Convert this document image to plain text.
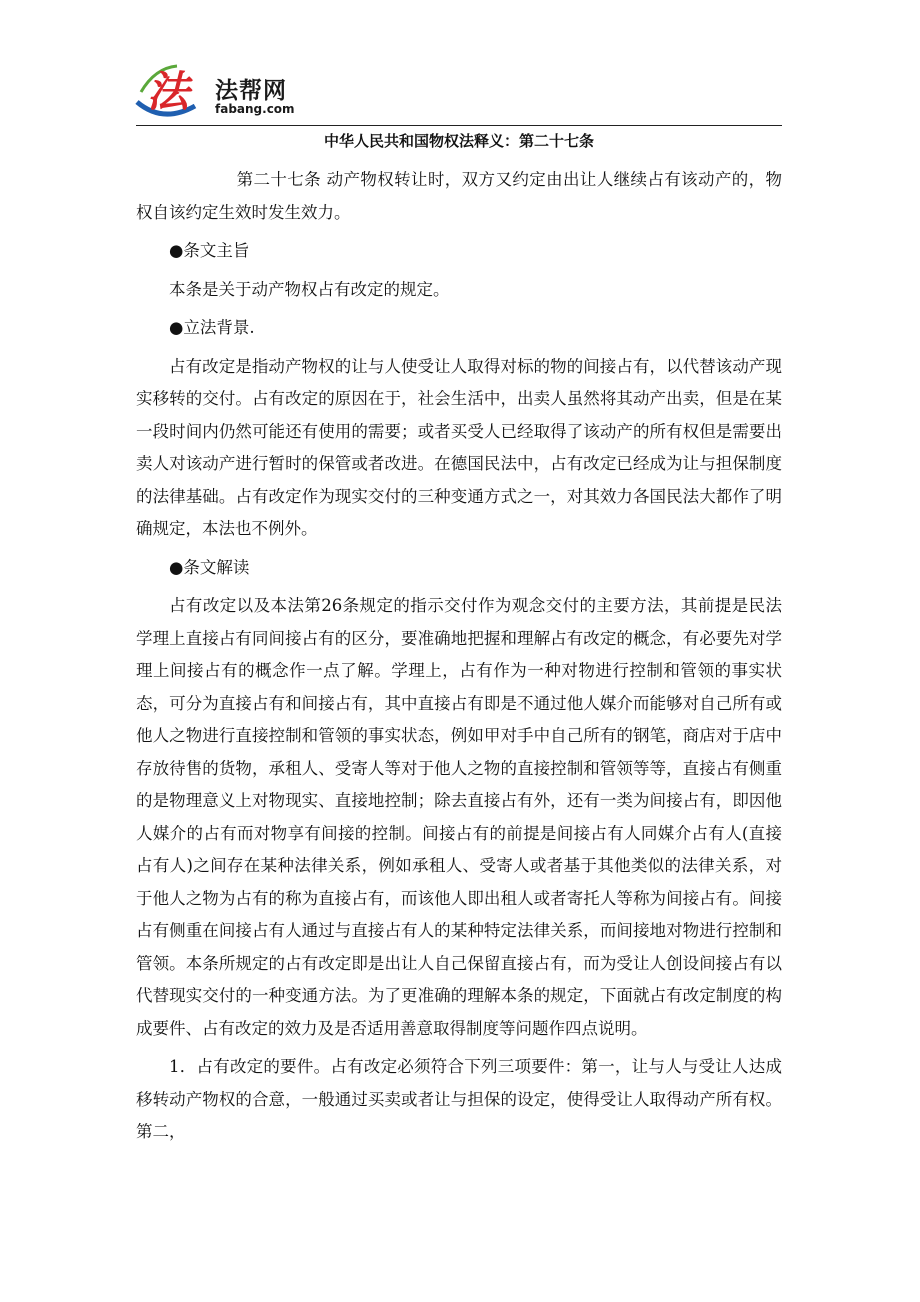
法 法帮网
fabang.com
中华人民共和国物权法释义：第二十七条

第二十七条 动产物权转让时，双方又约定由出让人继续占有该动产的，物权自该约定生效时发生效力。

●条文主旨

本条是关于动产物权占有改定的规定。

●立法背景.

占有改定是指动产物权的让与人使受让人取得对标的物的间接占有，以代替该动产现实移转的交付。占有改定的原因在于，社会生活中，出卖人虽然将其动产出卖，但是在某一段时间内仍然可能还有使用的需要；或者买受人已经取得了该动产的所有权但是需要出卖人对该动产进行暂时的保管或者改进。在德国民法中，占有改定已经成为让与担保制度的法律基础。占有改定作为现实交付的三种变通方式之一，对其效力各国民法大都作了明确规定，本法也不例外。

●条文解读

占有改定以及本法第26条规定的指示交付作为观念交付的主要方法，其前提是民法学理上直接占有同间接占有的区分，要准确地把握和理解占有改定的概念，有必要先对学理上间接占有的概念作一点了解。学理上，占有作为一种对物进行控制和管领的事实状态，可分为直接占有和间接占有，其中直接占有即是不通过他人媒介而能够对自己所有或他人之物进行直接控制和管领的事实状态，例如甲对手中自己所有的钢笔，商店对于店中存放待售的货物，承租人、受寄人等对于他人之物的直接控制和管领等等，直接占有侧重的是物理意义上对物现实、直接地控制；除去直接占有外，还有一类为间接占有，即因他人媒介的占有而对物享有间接的控制。间接占有的前提是间接占有人同媒介占有人(直接占有人)之间存在某种法律关系，例如承租人、受寄人或者基于其他类似的法律关系，对于他人之物为占有的称为直接占有，而该他人即出租人或者寄托人等称为间接占有。间接占有侧重在间接占有人通过与直接占有人的某种特定法律关系，而间接地对物进行控制和管领。本条所规定的占有改定即是出让人自己保留直接占有，而为受让人创设间接占有以代替现实交付的一种变通方法。为了更准确的理解本条的规定，下面就占有改定制度的构成要件、占有改定的效力及是否适用善意取得制度等问题作四点说明。

1．占有改定的要件。占有改定必须符合下列三项要件：第一，让与人与受让人达成移转动产物权的合意，一般通过买卖或者让与担保的设定，使得受让人取得动产所有权。第二，
